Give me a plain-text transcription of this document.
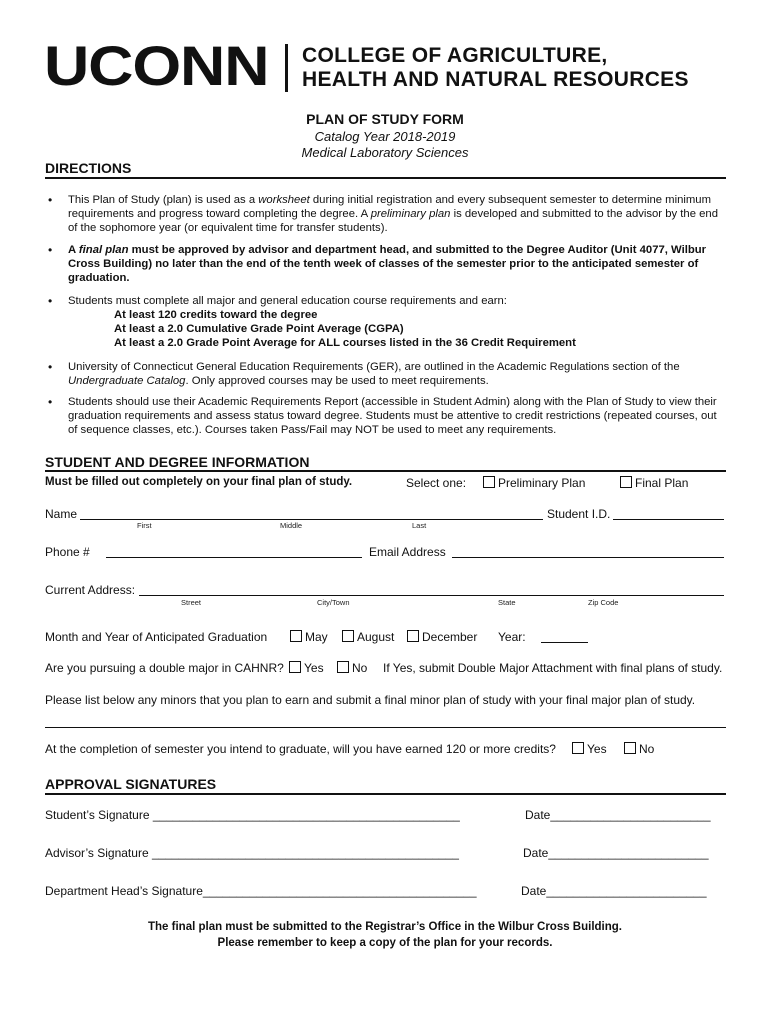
UCONN COLLEGE OF AGRICULTURE,
HEALTH AND NATURAL RESOURCES
PLAN OF STUDY FORM
Catalog Year 2018-2019
Medical Laboratory Sciences
DIRECTIONS
• This Plan of Study (plan) is used as a worksheet during initial registration and every subsequent semester to determine minimum requirements and progress toward completing the degree. A preliminary plan is developed and submitted to the advisor by the end of the sophomore year (or equivalent time for transfer students).
• A final plan must be approved by advisor and department head, and submitted to the Degree Auditor (Unit 4077, Wilbur Cross Building) no later than the end of the tenth week of classes of the semester prior to the anticipated semester of graduation.
• Students must complete all major and general education course requirements and earn:
At least 120 credits toward the degree
At least a 2.0 Cumulative Grade Point Average (CGPA)
At least a 2.0 Grade Point Average for ALL courses listed in the 36 Credit Requirement
• University of Connecticut General Education Requirements (GER), are outlined in the Academic Regulations section of the Undergraduate Catalog. Only approved courses may be used to meet requirements.
• Students should use their Academic Requirements Report (accessible in Student Admin) along with the Plan of Study to view their graduation requirements and assess status toward degree. Students must be attentive to credit restrictions (repeated courses, out of sequence classes, etc.). Courses taken Pass/Fail may NOT be used to meet any requirements.
STUDENT AND DEGREE INFORMATION
Must be filled out completely on your final plan of study.	Select one:	Preliminary Plan	Final Plan
Name
First	Middle	Last
Student I.D.
Phone #	Email Address
Current Address:
Street	City/Town	State	Zip Code
Month and Year of Anticipated Graduation	May	August	December Year:
Are you pursuing a double major in CAHNR?	Yes	No If Yes, submit Double Major Attachment with final plans of study.
Please list below any minors that you plan to earn and submit a final minor plan of study with your final major plan of study.
At the completion of semester you intend to graduate, will you have earned 120 or more credits?	Yes	No
APPROVAL SIGNATURES
Student’s Signature ______________________________________________	Date________________________
Advisor’s Signature ______________________________________________	Date________________________
Department Head’s Signature_________________________________________	Date________________________
The final plan must be submitted to the Registrar’s Office in the Wilbur Cross Building.
Please remember to keep a copy of the plan for your records.
